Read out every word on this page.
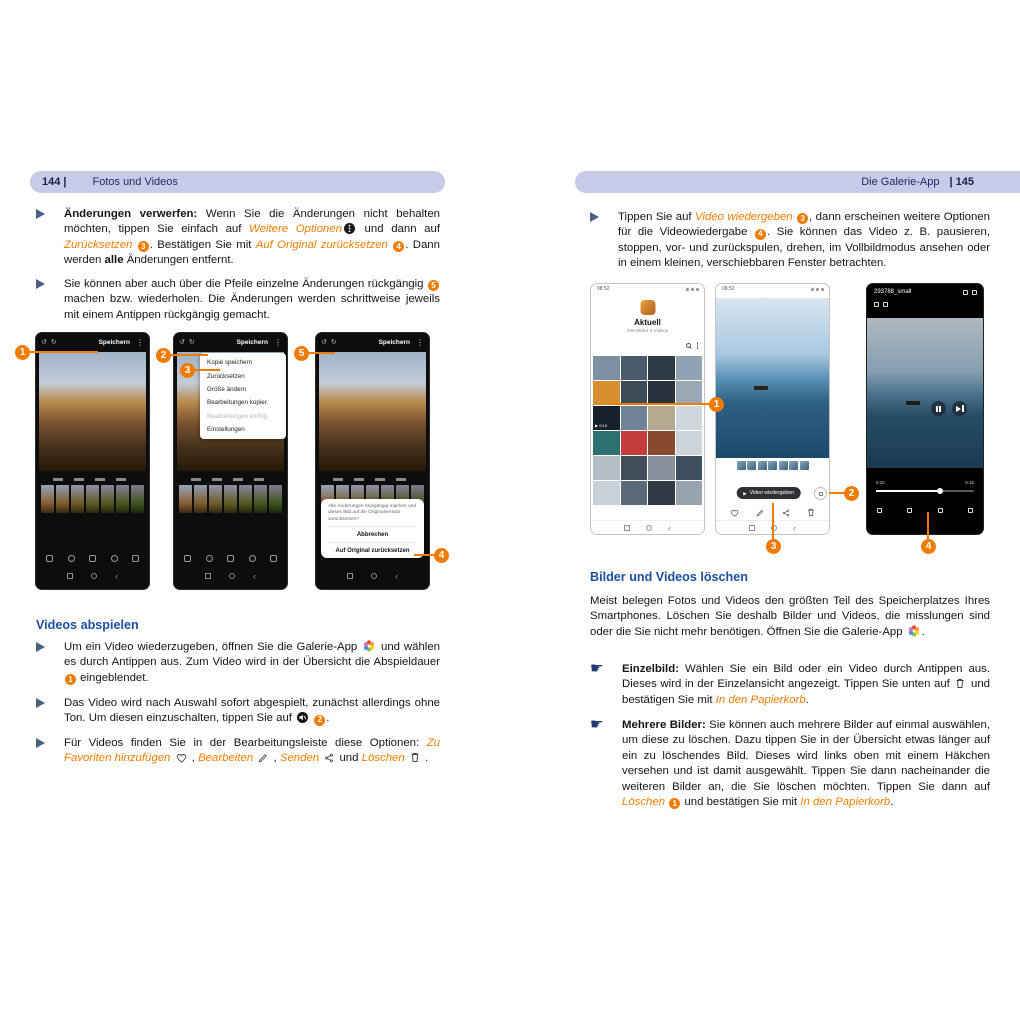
144 | Fotos und Videos	Die Galerie-App | 145
Änderungen verwerfen: Wenn Sie die Änderungen nicht behalten möchten, tippen Sie einfach auf Weitere Optionen
und dann auf Zurücksetzen 3 . Bestätigen Sie mit Auf Original zurücksetzen 4 . Dann werden alle Änderungen entfernt.
Sie können aber auch über die Pfeile einzelne Änderungen rückgängig 5 machen bzw. wiederholen. Die Änderungen werden schrittweise jeweils mit einem Antippen rückgängig gemacht.
↺ ↻	Speichern ⋮
‹
↺ ↻	Speichern ⋮
‹
Kopie speichern
Zurücksetzen
Größe ändern
Bearbeitungen kopier.
Bearbeitungen einfüg.
Einstellungen
↺ ↻	Speichern ⋮
Alle Änderungen rückgängig machen und dieses Bild auf die Originalversion zurücksetzen?
Abbrechen
Auf Original zurücksetzen
‹
1	2
3
5
4
Videos abspielen
Um ein Video wiederzugeben, öffnen Sie die Galerie-App
und wählen es durch Antippen aus. Zum Video wird in der Übersicht die Abspieldauer 1 eingeblendet.
Das Video wird nach Auswahl sofort abgespielt, zunächst allerdings ohne Ton. Um diesen einzuschalten, tippen Sie auf	2 .
Für Videos finden Sie in der Bearbeitungsleiste diese Optionen: Zu Favoriten hinzufügen
, Bearbeiten
, Senden
und Löschen
.
Tippen Sie auf Video wiedergeben 3 , dann erscheinen weitere Optionen für die Videowiedergabe 4 . Sie können das Video z. B. pausieren, stoppen, vor- und zurückspulen, drehen, im Vollbildmodus ansehen oder in einem kleinen, verschiebbaren Fenster betrachten.
08:52
Aktuell
338 Bilder 3 Videos
▶ 0:15
‹
08:52
▶ Video wiedergeben
‹
293788_small
0:10	0:15
1
2
3	4
Bilder und Videos löschen
Meist belegen Fotos und Videos den größten Teil des Speicherplatzes Ihres Smartphones. Löschen Sie deshalb Bilder und Videos, die misslungen sind oder die Sie nicht mehr benötigen. Öffnen Sie die Galerie-App
.
☛ Einzelbild: Wählen Sie ein Bild oder ein Video durch Antippen aus. Dieses wird in der Einzelansicht angezeigt. Tippen Sie unten auf
und bestätigen Sie mit In den Papierkorb.
☛ Mehrere Bilder: Sie können auch mehrere Bilder auf einmal auswählen, um diese zu löschen. Dazu tippen Sie in der Übersicht etwas länger auf ein zu löschendes Bild. Dieses wird links oben mit einem Häkchen versehen und ist damit ausgewählt. Tippen Sie dann nacheinander die weiteren Bilder an, die Sie löschen möchten. Tippen Sie dann auf Löschen 1 und bestätigen Sie mit In den Papierkorb.
